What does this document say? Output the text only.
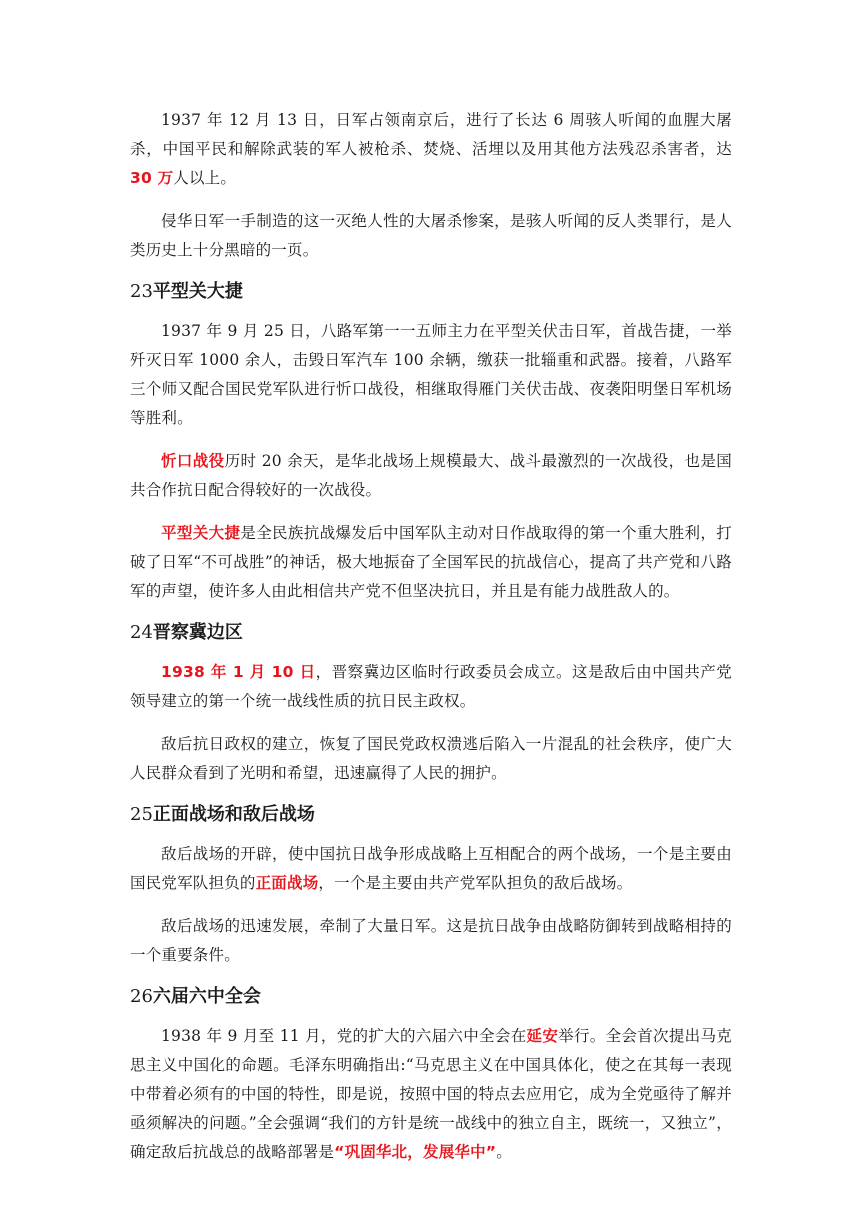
1937 年 12 月 13 日，日军占领南京后，进行了长达 6 周骇人听闻的血腥大屠杀，中国平民和解除武装的军人被枪杀、焚烧、活埋以及用其他方法残忍杀害者，达 30 万人以上。

侵华日军一手制造的这一灭绝人性的大屠杀惨案，是骇人听闻的反人类罪行，是人类历史上十分黑暗的一页。

23平型关大捷

1937 年 9 月 25 日，八路军第一一五师主力在平型关伏击日军，首战告捷，一举歼灭日军 1000 余人，击毁日军汽车 100 余辆，缴获一批辎重和武器。接着，八路军三个师又配合国民党军队进行忻口战役，相继取得雁门关伏击战、夜袭阳明堡日军机场等胜利。

忻口战役历时 20 余天，是华北战场上规模最大、战斗最激烈的一次战役，也是国共合作抗日配合得较好的一次战役。

平型关大捷是全民族抗战爆发后中国军队主动对日作战取得的第一个重大胜利，打破了日军“不可战胜”的神话，极大地振奋了全国军民的抗战信心，提高了共产党和八路军的声望，使许多人由此相信共产党不但坚决抗日，并且是有能力战胜敌人的。

24晋察冀边区

1938 年 1 月 10 日，晋察冀边区临时行政委员会成立。这是敌后由中国共产党领导建立的第一个统一战线性质的抗日民主政权。

敌后抗日政权的建立，恢复了国民党政权溃逃后陷入一片混乱的社会秩序，使广大人民群众看到了光明和希望，迅速赢得了人民的拥护。

25正面战场和敌后战场

敌后战场的开辟，使中国抗日战争形成战略上互相配合的两个战场，一个是主要由国民党军队担负的正面战场，一个是主要由共产党军队担负的敌后战场。

敌后战场的迅速发展，牵制了大量日军。这是抗日战争由战略防御转到战略相持的一个重要条件。

26六届六中全会

1938 年 9 月至 11 月，党的扩大的六届六中全会在延安举行。全会首次提出马克思主义中国化的命题。毛泽东明确指出:“马克思主义在中国具体化，使之在其每一表现中带着必须有的中国的特性，即是说，按照中国的特点去应用它，成为全党亟待了解并亟须解决的问题。”全会强调“我们的方针是统一战线中的独立自主，既统一，又独立”，确定敌后抗战总的战略部署是“巩固华北，发展华中”。
